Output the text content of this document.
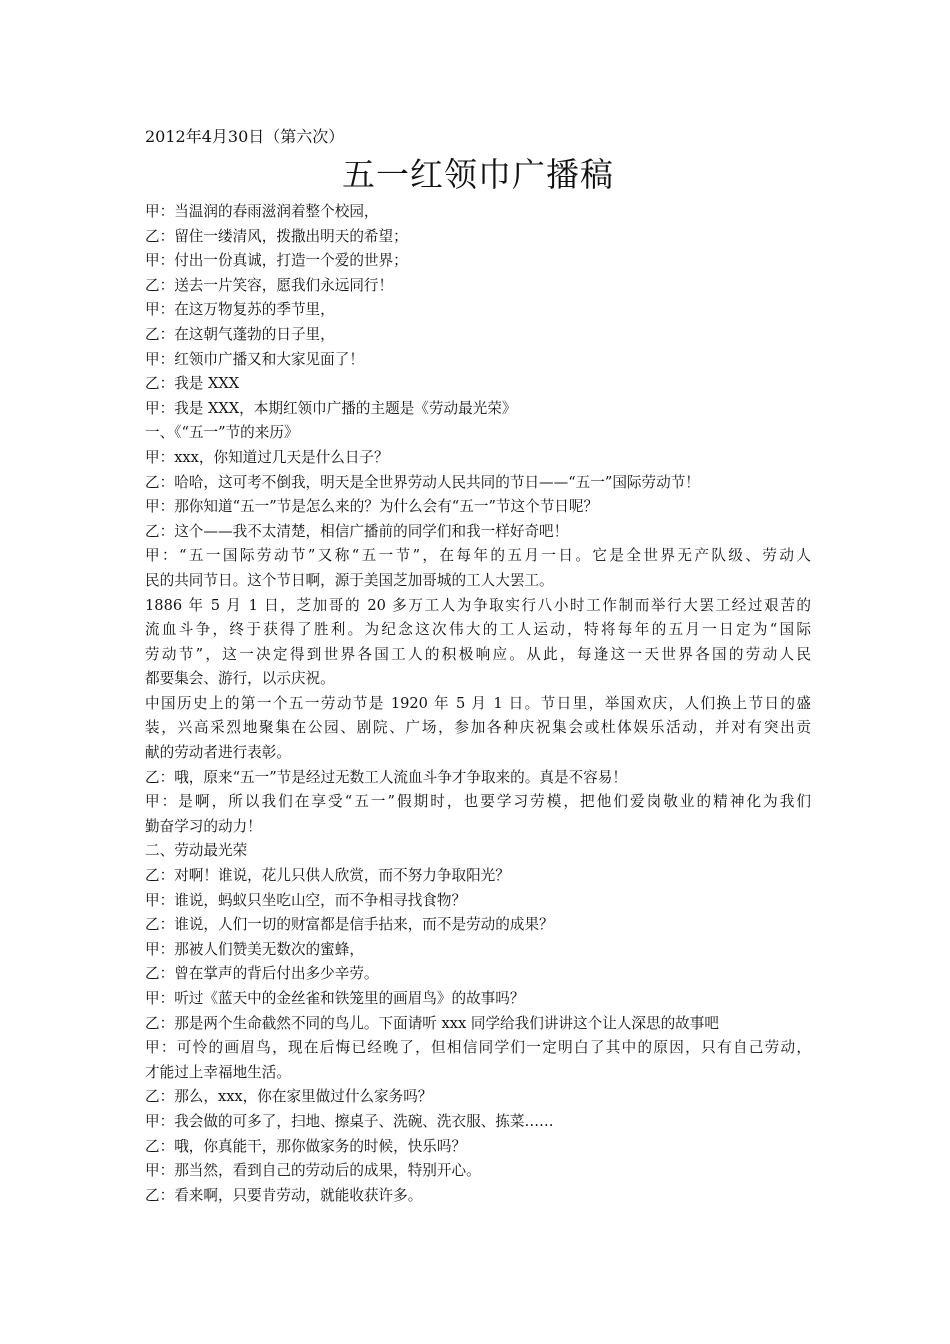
2012年4月30日（第六次）
五一红领巾广播稿
甲：当温润的春雨滋润着整个校园，
乙：留住一缕清风，拨撒出明天的希望；
甲：付出一份真诚，打造一个爱的世界；
乙：送去一片笑容，愿我们永远同行！
甲：在这万物复苏的季节里，
乙：在这朝气蓬勃的日子里，
甲：红领巾广播又和大家见面了！
乙：我是 XXX
甲：我是 XXX，本期红领巾广播的主题是《劳动最光荣》
一、《“五一”节的来历》
甲：xxx，你知道过几天是什么日子？
乙：哈哈，这可考不倒我，明天是全世界劳动人民共同的节日——“五一”国际劳动节！
甲：那你知道“五一”节是怎么来的？为什么会有“五一”节这个节日呢？
乙：这个——我不太清楚，相信广播前的同学们和我一样好奇吧！
甲：“五一国际劳动节”又称“五一节”，在每年的五月一日。它是全世界无产队级、劳动人
民的共同节日。这个节日啊，源于美国芝加哥城的工人大罢工。
1886 年 5 月 1 日，芝加哥的 20 多万工人为争取实行八小时工作制而举行大罢工经过艰苦的
流血斗争，终于获得了胜利。为纪念这次伟大的工人运动，特将每年的五月一日定为“国际
劳动节”，这一决定得到世界各国工人的积极响应。从此，每逢这一天世界各国的劳动人民
都要集会、游行，以示庆祝。
中国历史上的第一个五一劳动节是 1920 年 5 月 1 日。节日里，举国欢庆，人们换上节日的盛
装，兴高采烈地聚集在公园、剧院、广场，参加各种庆祝集会或杜体娱乐活动，并对有突出贡
献的劳动者进行表彰。
乙：哦，原来“五一”节是经过无数工人流血斗争才争取来的。真是不容易！
甲：是啊，所以我们在享受“五一”假期时，也要学习劳模，把他们爱岗敬业的精神化为我们
勤奋学习的动力！
二、劳动最光荣
乙：对啊！谁说，花儿只供人欣赏，而不努力争取阳光？
甲：谁说，蚂蚁只坐吃山空，而不争相寻找食物？
乙：谁说，人们一切的财富都是信手拈来，而不是劳动的成果？
甲：那被人们赞美无数次的蜜蜂，
乙：曾在掌声的背后付出多少辛劳。
甲：听过《蓝天中的金丝雀和铁笼里的画眉鸟》的故事吗？
乙：那是两个生命截然不同的鸟儿。下面请听 xxx 同学给我们讲讲这个让人深思的故事吧
甲：可怜的画眉鸟，现在后悔已经晚了，但相信同学们一定明白了其中的原因，只有自己劳动，
才能过上幸福地生活。
乙：那么，xxx，你在家里做过什么家务吗？
甲：我会做的可多了，扫地、擦桌子、洗碗、洗衣服、拣菜……
乙：哦，你真能干，那你做家务的时候，快乐吗？
甲：那当然，看到自己的劳动后的成果，特别开心。
乙：看来啊，只要肯劳动，就能收获许多。
